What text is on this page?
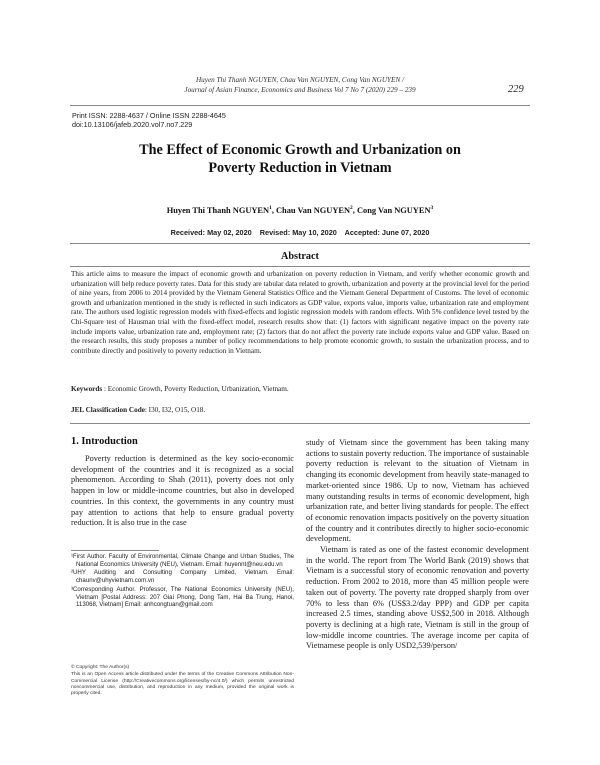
Huyen Thi Thanh NGUYEN, Chau Van NGUYEN, Cong Van NGUYEN /
Journal of Asian Finance, Economics and Business Vol 7 No 7 (2020) 229 – 239	229
Print ISSN: 2288-4637 / Online ISSN 2288-4645
doi:10.13106/jafeb.2020.vol7.no7.229
The Effect of Economic Growth and Urbanization on
Poverty Reduction in Vietnam
Huyen Thi Thanh NGUYEN$^1$, Chau Van NGUYEN$^2$, Cong Van NGUYEN$^3$
Received: May 02, 2020 Revised: May 10, 2020 Accepted: June 07, 2020
Abstract
This article aims to measure the impact of economic growth and urbanization on poverty reduction in Vietnam, and verify whether economic growth and urbanization will help reduce poverty rates. Data for this study are tabular data related to growth, urbanization and poverty at the provincial level for the period of nine years, from 2006 to 2014 provided by the Vietnam General Statistics Office and the Vietnam General Department of Customs. The level of economic growth and urbanization mentioned in the study is reflected in such indicators as GDP value, exports value, imports value, urbanization rate and employment rate. The authors used logistic regression models with fixed-effects and logistic regression models with random effects. With 5% confidence level tested by the Chi-Square test of Hausman trial with the fixed-effect model, research results show that: (1) factors with significant negative impact on the poverty rate include imports value, urbanization rate and, employment rate; (2) factors that do not affect the poverty rate include exports value and GDP value. Based on the research results, this study proposes a number of policy recommendations to help promote economic growth, to sustain the urbanization process, and to contribute directly and positively to poverty reduction in Vietnam.
Keywords : Economic Growth, Poverty Reduction, Urbanization, Vietnam.
JEL Classification Code: I30, I32, O15, O18.
1. Introduction

Poverty reduction is determined as the key socio-economic development of the countries and it is recognized as a social phenomenon. According to Shah (2011), poverty does not only happen in low or middle-income countries, but also in developed countries. In this context, the governments in any country must pay attention to actions that help to ensure gradual poverty reduction. It is also true in the case

study of Vietnam since the government has been taking many actions to sustain poverty reduction. The importance of sustainable poverty reduction is relevant to the situation of Vietnam in changing its economic development from heavily state-managed to market-oriented since 1986. Up to now, Vietnam has achieved many outstanding results in terms of economic development, high urbanization rate, and better living standards for people. The effect of economic renovation impacts positively on the poverty situation of the country and it contributes directly to higher socio-economic development.

Vietnam is rated as one of the fastest economic development in the world. The report from The World Bank (2019) shows that Vietnam is a successful story of economic renovation and poverty reduction. From 2002 to 2018, more than 45 million people were taken out of poverty. The poverty rate dropped sharply from over 70% to less than 6% (US$3.2/day PPP) and GDP per capita increased 2.5 times, standing above US$2,500 in 2018. Although poverty is declining at a high rate, Vietnam is still in the group of low-middle income countries. The average income per capita of Vietnamese people is only USD2,539/person/

¹First Author. Faculty of Environmental, Climate Change and Urban Studies, The National Economics University (NEU), Vietnam. Email: huyennt@neu.edu.vn

²UHY Auditing and Consulting Company Limited, Vietnam. Email: chaunv@uhyvietnam.com.vn

³Corresponding Author. Professor, The National Economics University (NEU), Vietnam [Postal Address: 207 Giai Phong, Dong Tam, Hai Ba Trung, Hanoi, 113068, Vietnam] Email: anhcongtuan@gmail.com

© Copyright: The Author(s)

This is an Open Access article distributed under the terms of the Creative Commons Attribution Non-Commercial License (http://Creativecommons.org/licenses/by-nc/4.0/) which permits unrestricted noncommercial use, distribution, and reproduction in any medium, provided the original work is properly cited.
